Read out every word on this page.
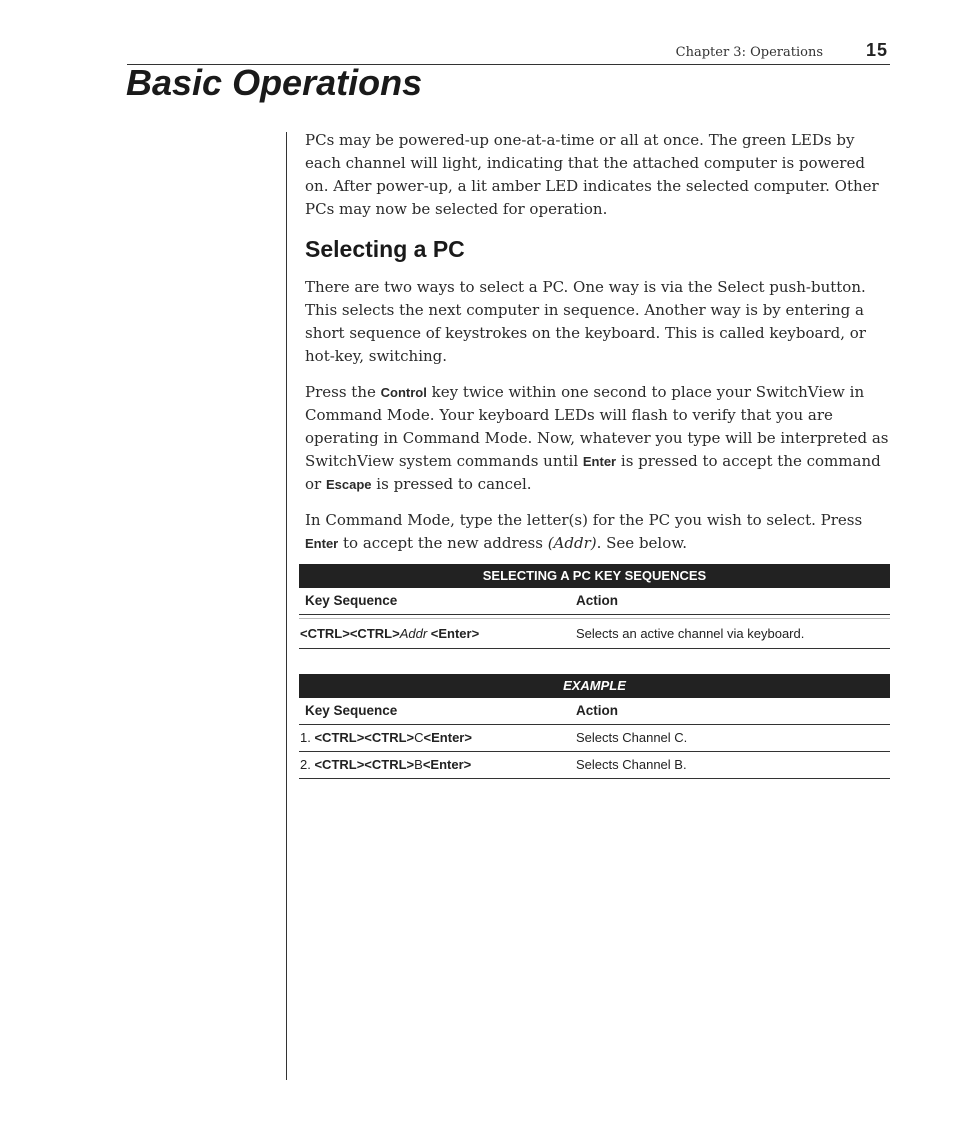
Chapter 3: Operations 15
Basic Operations

PCs may be powered-up one-at-a-time or all at once. The green LEDs by each channel will light, indicating that the attached computer is powered on. After power-up, a lit amber LED indicates the selected computer. Other PCs may now be selected for operation.

Selecting a PC

There are two ways to select a PC. One way is via the Select push-button. This selects the next computer in sequence. Another way is by entering a short sequence of keystrokes on the keyboard. This is called keyboard, or hot-key, switching.

Press the Control key twice within one second to place your SwitchView in Command Mode. Your keyboard LEDs will flash to verify that you are operating in Command Mode. Now, whatever you type will be interpreted as SwitchView system commands until Enter is pressed to accept the command or Escape is pressed to cancel.

In Command Mode, type the letter(s) for the PC you wish to select. Press Enter to accept the new address (Addr). See below.

SELECTING A PC KEY SEQUENCES
Key Sequence	Action
<CTRL><CTRL>Addr <Enter>	Selects an active channel via keyboard.
EXAMPLE
Key Sequence	Action
1. <CTRL><CTRL>C<Enter>	Selects Channel C.
2. <CTRL><CTRL>B<Enter>	Selects Channel B.
